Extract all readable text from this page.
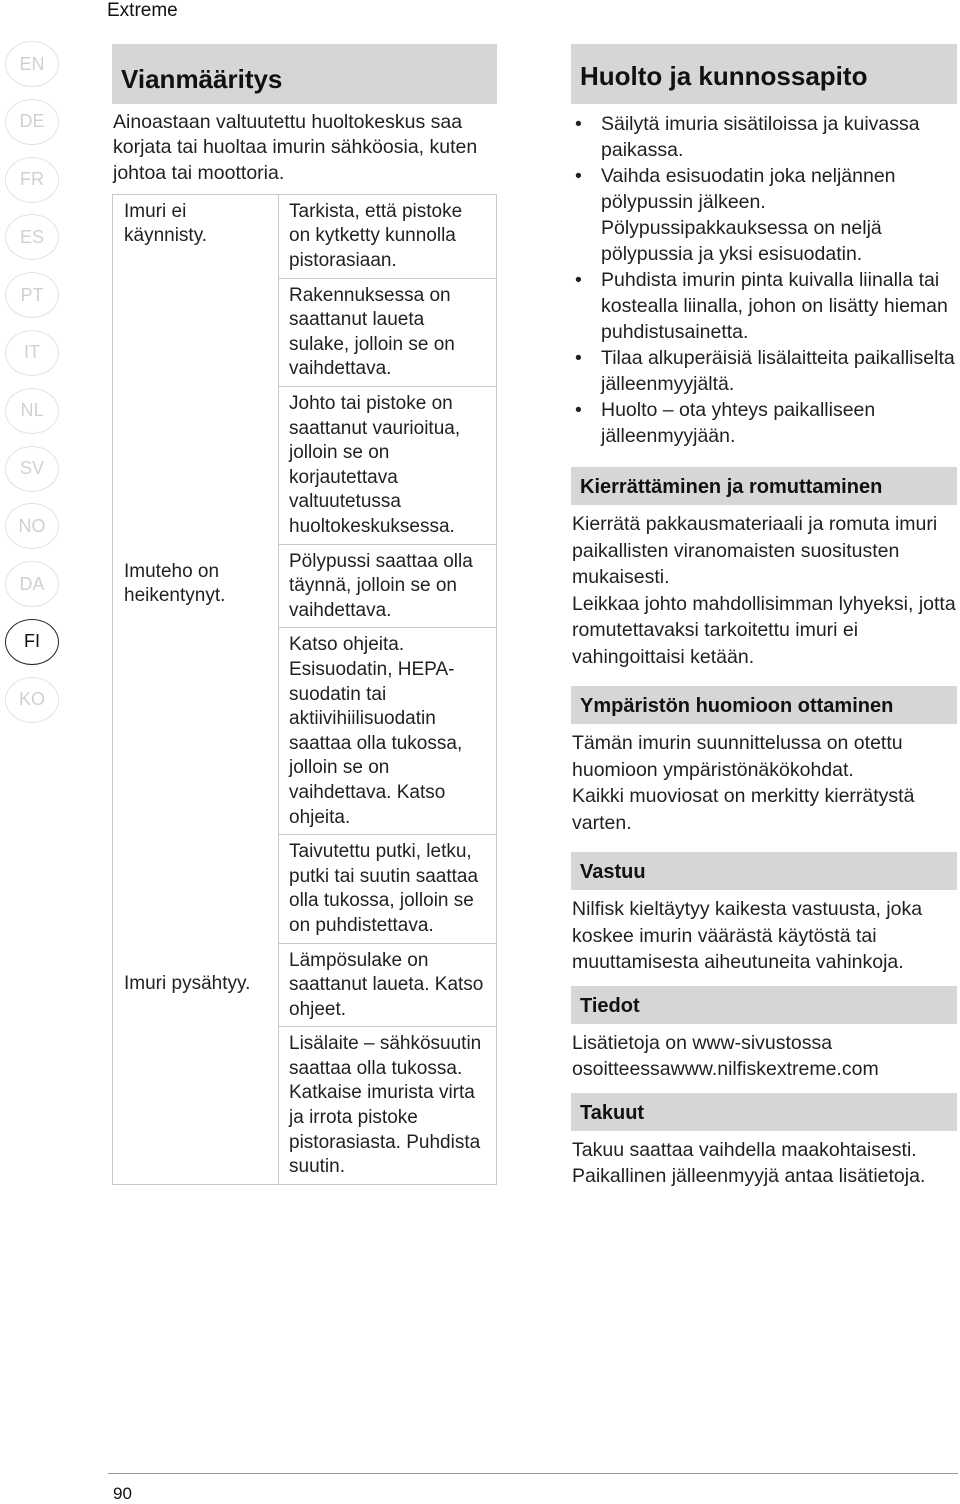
Extreme
EN
DE
FR
ES
PT
IT
NL
SV
NO
DA
FI
KO
Vianmääritys
Ainoastaan valtuutettu huoltokeskus saa korjata tai huoltaa imurin sähköosia, kuten johtoa tai moottoria.
Imuri ei käynnisty.
Imuteho on heikentynyt.
Imuri pysähtyy.
Tarkista, että pistoke on kytketty kunnolla pistorasiaan.
Rakennuksessa on saattanut laueta sulake, jolloin se on vaihdettava.
Johto tai pistoke on saattanut vaurioitua, jolloin se on korjautettava valtuutetussa huoltokeskuksessa.
Pölypussi saattaa olla täynnä, jolloin se on vaihdettava.
Katso ohjeita. Esisuodatin, HEPA-suodatin tai aktiivihiilisuodatin saattaa olla tukossa, jolloin se on vaihdettava. Katso ohjeita.
Taivutettu putki, letku, putki tai suutin saattaa olla tukossa, jolloin se on puhdistettava.
Lämpösulake on saattanut laueta. Katso ohjeet.
Lisälaite – sähkösuutin saattaa olla tukossa. Katkaise imurista virta ja irrota pistoke pistorasiasta. Puhdista suutin.
Huolto ja kunnossapito
• Säilytä imuria sisätiloissa ja kuivassa paikassa.
• Vaihda esisuodatin joka neljännen pölypussin jälkeen. Pölypussipakkauksessa on neljä pölypussia ja yksi esisuodatin.
• Puhdista imurin pinta kuivalla liinalla tai kostealla liinalla, johon on lisätty hieman puhdistusainetta.
• Tilaa alkuperäisiä lisälaitteita paikalliselta jälleenmyyjältä.
• Huolto – ota yhteys paikalliseen jälleenmyyjään.
Kierrättäminen ja romuttaminen
Kierrätä pakkausmateriaali ja romuta imuri paikallisten viranomaisten suositusten mukaisesti.
Leikkaa johto mahdollisimman lyhyeksi, jotta romutettavaksi tarkoitettu imuri ei vahingoittaisi ketään.
Ympäristön huomioon ottaminen
Tämän imurin suunnittelussa on otettu huomioon ympäristönäkökohdat.
Kaikki muoviosat on merkitty kierrätystä varten.
Vastuu
Nilfisk kieltäytyy kaikesta vastuusta, joka koskee imurin väärästä käytöstä tai muuttamisesta aiheutuneita vahinkoja.
Tiedot
Lisätietoja on www-sivustossa osoitteessawww.nilfiskextreme.com
Takuut
Takuu saattaa vaihdella maakohtaisesti. Paikallinen jälleenmyyjä antaa lisätietoja.
90
